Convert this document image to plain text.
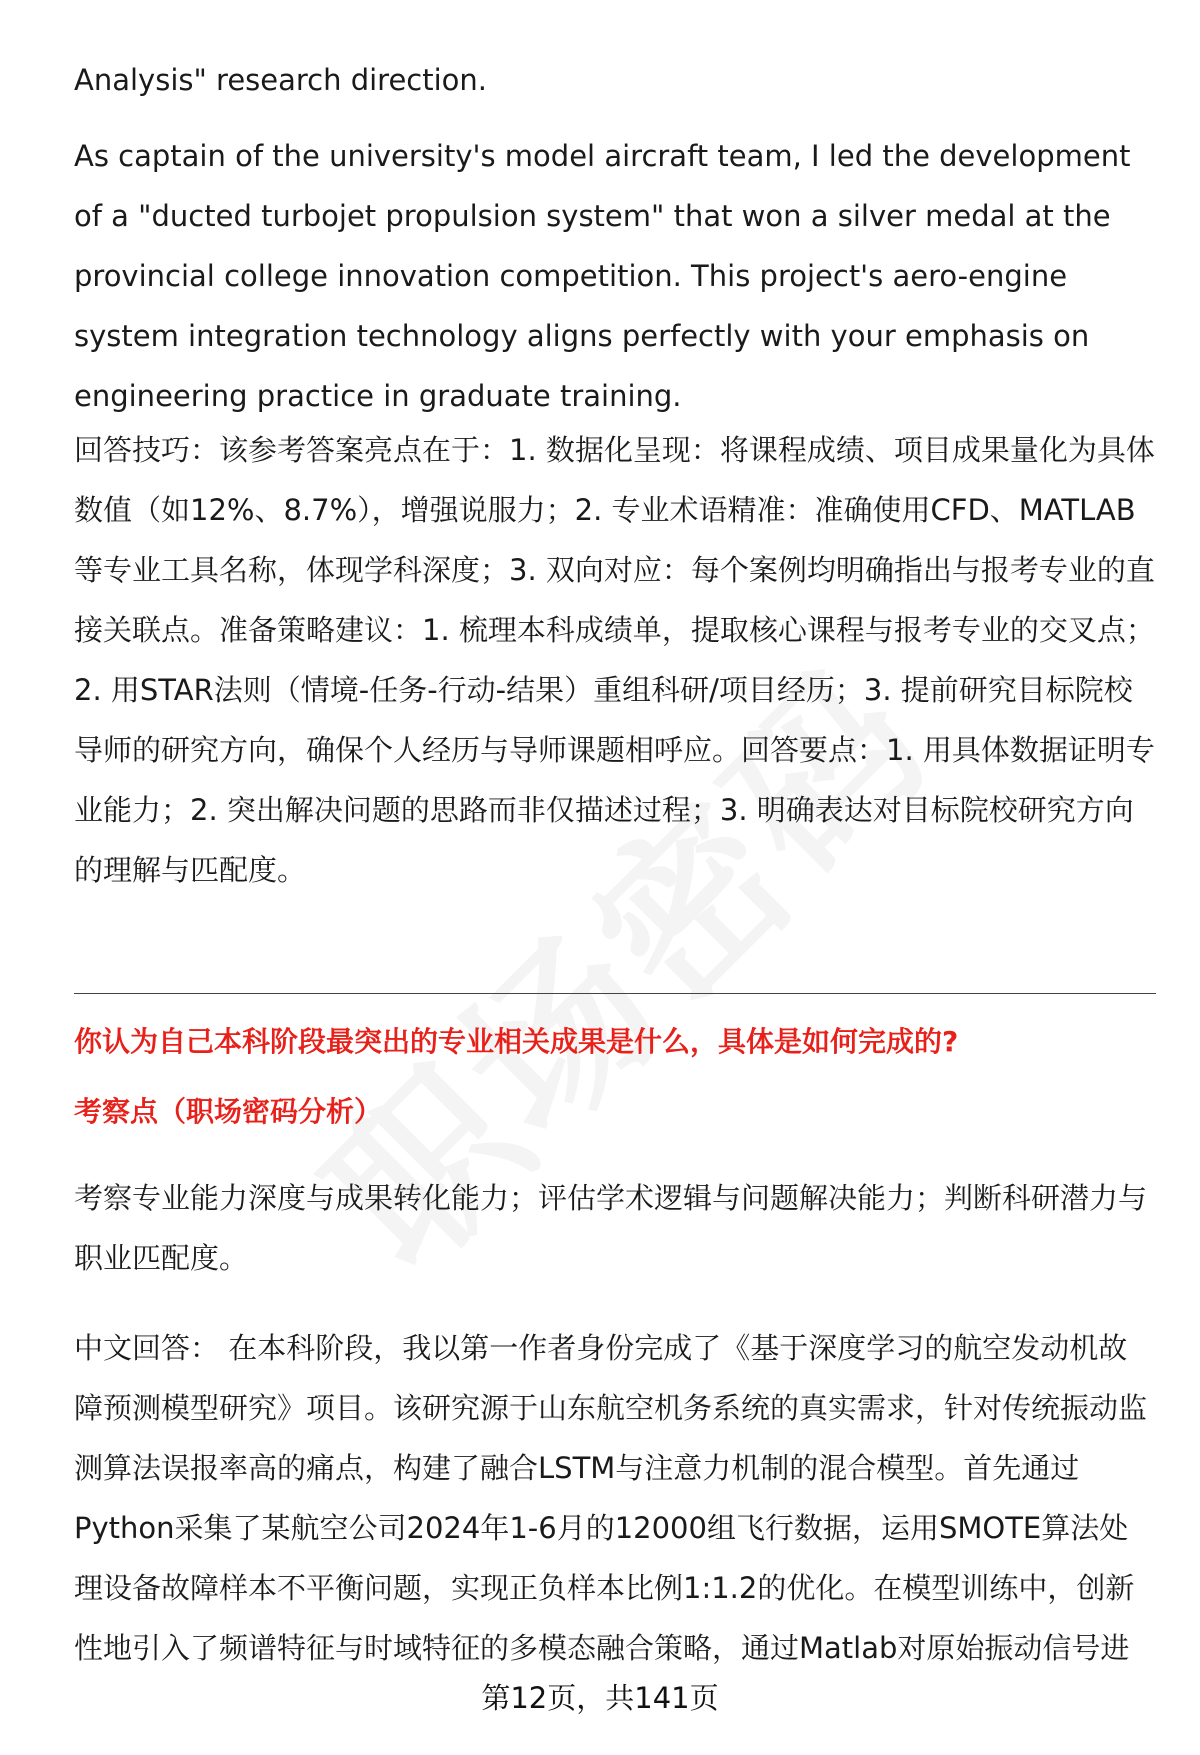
Analysis" research direction.

As captain of the university's model aircraft team, I led the development of a "ducted turbojet propulsion system" that won a silver medal at the provincial college innovation competition. This project's aero-engine system integration technology aligns perfectly with your emphasis on engineering practice in graduate training.

回答技巧：该参考答案亮点在于：1. 数据化呈现：将课程成绩、项目成果量化为具体数值（如12%、8.7%），增强说服力；2. 专业术语精准：准确使用CFD、MATLAB等专业工具名称，体现学科深度；3. 双向对应：每个案例均明确指出与报考专业的直接关联点。准备策略建议：1. 梳理本科成绩单，提取核心课程与报考专业的交叉点；2. 用STAR法则（情境-任务-行动-结果）重组科研/项目经历；3. 提前研究目标院校导师的研究方向，确保个人经历与导师课题相呼应。回答要点：1. 用具体数据证明专业能力；2. 突出解决问题的思路而非仅描述过程；3. 明确表达对目标院校研究方向的理解与匹配度。

你认为自己本科阶段最突出的专业相关成果是什么，具体是如何完成的?

考察点（职场密码分析）

考察专业能力深度与成果转化能力；评估学术逻辑与问题解决能力；判断科研潜力与职业匹配度。

中文回答： 在本科阶段，我以第一作者身份完成了《基于深度学习的航空发动机故障预测模型研究》项目。该研究源于山东航空机务系统的真实需求，针对传统振动监测算法误报率高的痛点，构建了融合LSTM与注意力机制的混合模型。首先通过Python采集了某航空公司2024年1-6月的12000组飞行数据，运用SMOTE算法处理设备故障样本不平衡问题，实现正负样本比例1:1.2的优化。在模型训练中，创新性地引入了频谱特征与时域特征的多模态融合策略，通过Matlab对原始振动信号进

第12页，共141页
